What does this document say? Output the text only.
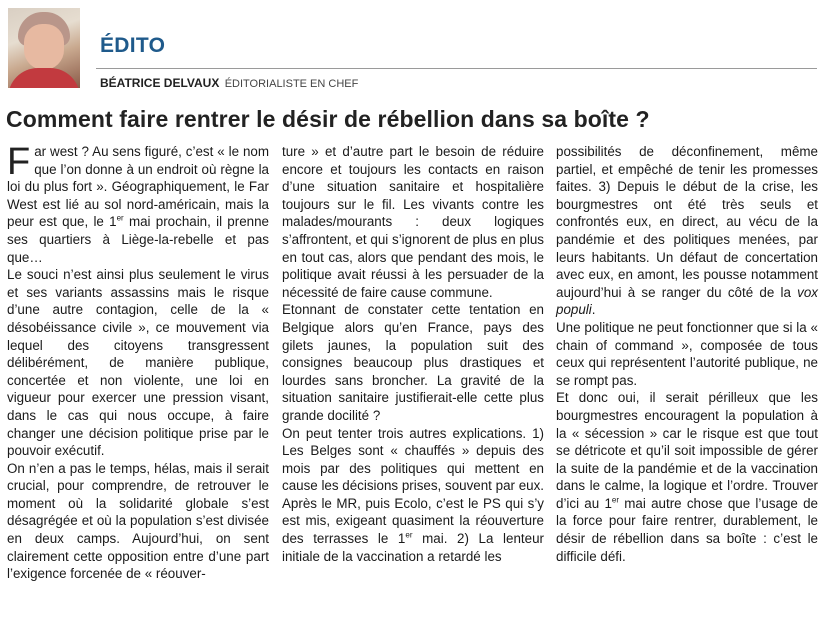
ÉDITO
BÉATRICE DELVAUX ÉDITORIALISTE EN CHEF
Comment faire rentrer le désir de rébellion dans sa boîte ?

Far west ? Au sens figuré, c’est « le nom que l’on donne à un endroit où règne la loi du plus fort ». Géographiquement, le Far West est lié au sol nord-américain, mais la peur est que, le 1er mai prochain, il prenne ses quartiers à Liège-la-rebelle et pas que…

Le souci n’est ainsi plus seulement le virus et ses variants assassins mais le risque d’une autre contagion, celle de la « désobéissance civile », ce mouvement via lequel des citoyens transgressent délibérément, de manière publique, concertée et non violente, une loi en vigueur pour exercer une pression visant, dans le cas qui nous occupe, à faire changer une décision politique prise par le pouvoir exécutif.

On n’en a pas le temps, hélas, mais il serait crucial, pour comprendre, de retrouver le moment où la solidarité globale s’est désagrégée et où la population s’est divisée en deux camps. Aujourd’hui, on sent clairement cette opposition entre d’une part l’exigence forcenée de « réouver-

ture » et d’autre part le besoin de réduire encore et toujours les contacts en raison d’une situation sanitaire et hospitalière toujours sur le fil. Les vivants contre les malades/mourants : deux logiques s’affrontent, et qui s’ignorent de plus en plus en tout cas, alors que pendant des mois, le politique avait réussi à les persuader de la nécessité de faire cause commune.

Etonnant de constater cette tentation en Belgique alors qu’en France, pays des gilets jaunes, la population suit des consignes beaucoup plus drastiques et lourdes sans broncher. La gravité de la situation sanitaire justifierait-elle cette plus grande docilité ?

On peut tenter trois autres explications. 1) Les Belges sont « chauffés » depuis des mois par des politiques qui mettent en cause les décisions prises, souvent par eux. Après le MR, puis Ecolo, c’est le PS qui s’y est mis, exigeant quasiment la réouverture des terrasses le 1er mai. 2) La lenteur initiale de la vaccination a retardé les

possibilités de déconfinement, même partiel, et empêché de tenir les promesses faites. 3) Depuis le début de la crise, les bourgmestres ont été très seuls et confrontés eux, en direct, au vécu de la pandémie et des politiques menées, par leurs habitants. Un défaut de concertation avec eux, en amont, les pousse notamment aujourd’hui à se ranger du côté de la vox populi.

Une politique ne peut fonctionner que si la « chain of command », composée de tous ceux qui représentent l’autorité publique, ne se rompt pas.

Et donc oui, il serait périlleux que les bourgmestres encouragent la population à la « sécession » car le risque est que tout se détricote et qu’il soit impossible de gérer la suite de la pandémie et de la vaccination dans le calme, la logique et l’ordre. Trouver d’ici au 1er mai autre chose que l’usage de la force pour faire rentrer, durablement, le désir de rébellion dans sa boîte : c’est le difficile défi.
